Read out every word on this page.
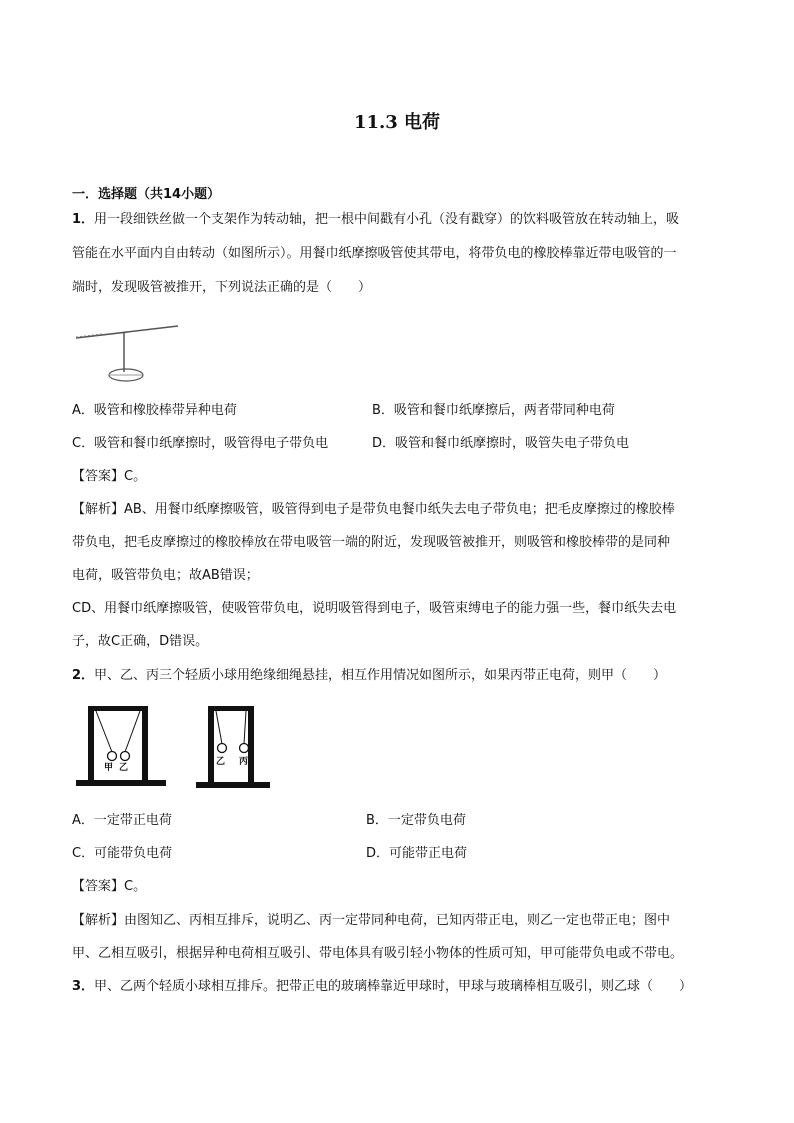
11.3 电荷
一．选择题（共14小题）
1．用一段细铁丝做一个支架作为转动轴，把一根中间戳有小孔（没有戳穿）的饮料吸管放在转动轴上，吸
管能在水平面内自由转动（如图所示）。用餐巾纸摩擦吸管使其带电，将带负电的橡胶棒靠近带电吸管的一
端时，发现吸管被推开，下列说法正确的是（　　）
A．吸管和橡胶棒带异种电荷	B．吸管和餐巾纸摩擦后，两者带同种电荷
C．吸管和餐巾纸摩擦时，吸管得电子带负电	D．吸管和餐巾纸摩擦时，吸管失电子带负电
【答案】C。
【解析】AB、用餐巾纸摩擦吸管，吸管得到电子是带负电餐巾纸失去电子带负电；把毛皮摩擦过的橡胶棒
带负电，把毛皮摩擦过的橡胶棒放在带电吸管一端的附近，发现吸管被推开，则吸管和橡胶棒带的是同种
电荷，吸管带负电；故AB错误；
CD、用餐巾纸摩擦吸管，使吸管带负电，说明吸管得到电子，吸管束缚电子的能力强一些，餐巾纸失去电
子，故C正确，D错误。
2．甲、乙、丙三个轻质小球用绝缘细绳悬挂，相互作用情况如图所示，如果丙带正电荷，则甲（　　）
甲 乙
乙 丙
A．一定带正电荷	B．一定带负电荷
C．可能带负电荷	D．可能带正电荷
【答案】C。
【解析】由图知乙、丙相互排斥，说明乙、丙一定带同种电荷，已知丙带正电，则乙一定也带正电；图中
甲、乙相互吸引，根据异种电荷相互吸引、带电体具有吸引轻小物体的性质可知，甲可能带负电或不带电。
3．甲、乙两个轻质小球相互排斥。把带正电的玻璃棒靠近甲球时，甲球与玻璃棒相互吸引，则乙球（　　）
